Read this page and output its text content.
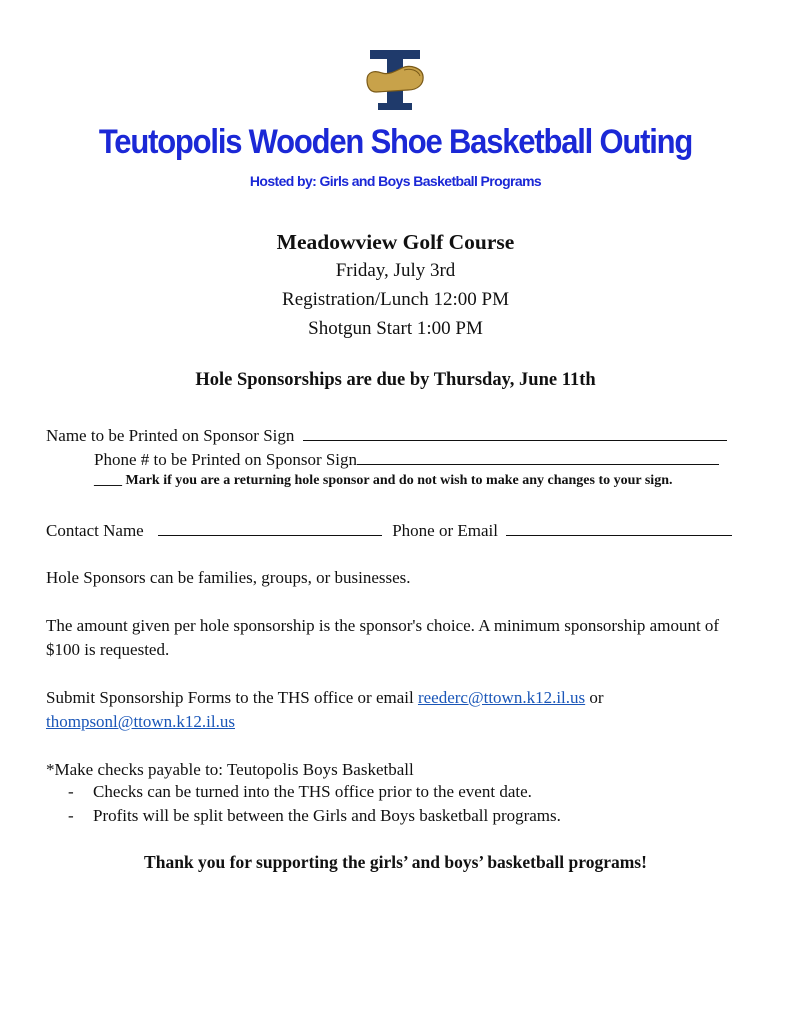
Teutopolis Wooden Shoe Basketball Outing
Hosted by: Girls and Boys Basketball Programs
Meadowview Golf Course
Friday, July 3rd
Registration/Lunch 12:00 PM
Shotgun Start 1:00 PM
Hole Sponsorships are due by Thursday, June 11th
Name to be Printed on Sponsor Sign
Phone # to be Printed on Sponsor Sign
____ Mark if you are a returning hole sponsor and do not wish to make any changes to your sign.
Contact Name	Phone or Email
Hole Sponsors can be families, groups, or businesses.
The amount given per hole sponsorship is the sponsor's choice. A minimum sponsorship amount of $100 is requested.
Submit Sponsorship Forms to the THS office or email reederc@ttown.k12.il.us or
thompsonl@ttown.k12.il.us
*Make checks payable to: Teutopolis Boys Basketball
- Checks can be turned into the THS office prior to the event date.
- Profits will be split between the Girls and Boys basketball programs.
Thank you for supporting the girls’ and boys’ basketball programs!
